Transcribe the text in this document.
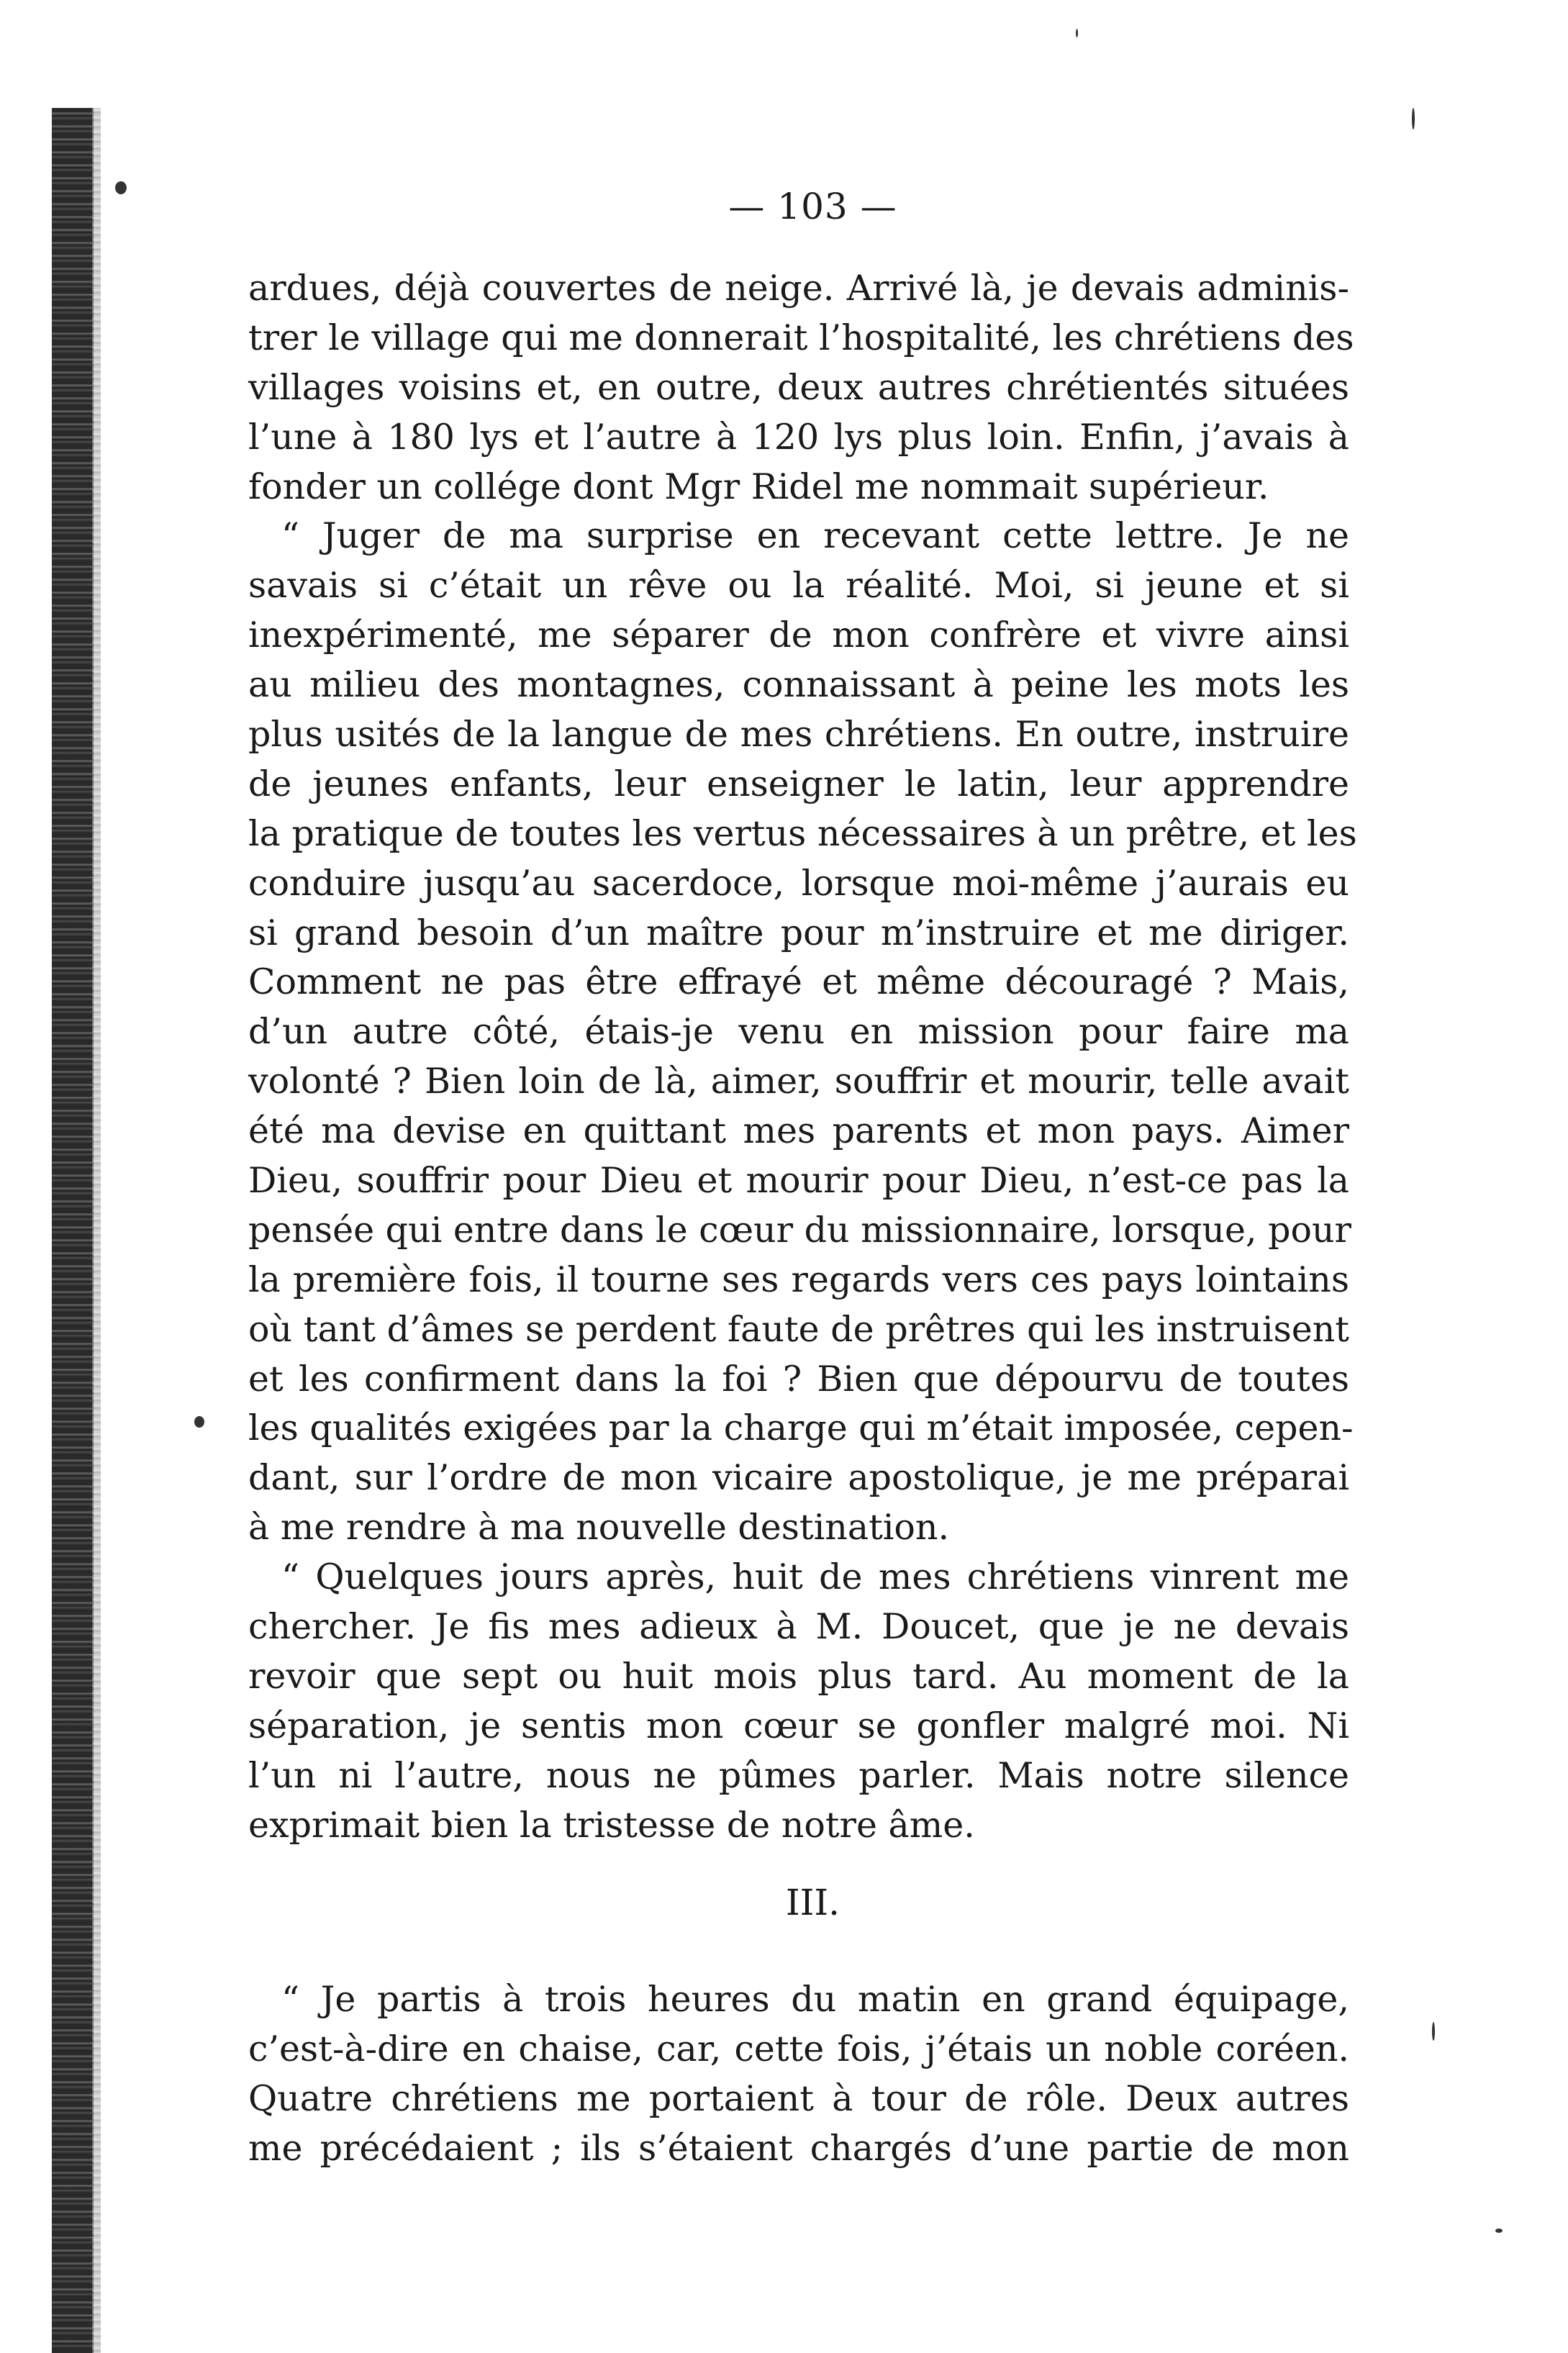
— 103 —
ardues, déjà couvertes de neige. Arrivé là, je devais adminis-
trer le village qui me donnerait l’hospitalité, les chrétiens des
villages voisins et, en outre, deux autres chrétientés situées
l’une à 180 lys et l’autre à 120 lys plus loin. Enfin, j’avais à
fonder un collége dont Mgr Ridel me nommait supérieur.
“ Juger de ma surprise en recevant cette lettre. Je ne
savais si c’était un rêve ou la réalité. Moi, si jeune et si
inexpérimenté, me séparer de mon confrère et vivre ainsi
au milieu des montagnes, connaissant à peine les mots les
plus usités de la langue de mes chrétiens. En outre, instruire
de jeunes enfants, leur enseigner le latin, leur apprendre
la pratique de toutes les vertus nécessaires à un prêtre, et les
conduire jusqu’au sacerdoce, lorsque moi-même j’aurais eu
si grand besoin d’un maître pour m’instruire et me diriger.
Comment ne pas être effrayé et même découragé ? Mais,
d’un autre côté, étais-je venu en mission pour faire ma
volonté ? Bien loin de là, aimer, souffrir et mourir, telle avait
été ma devise en quittant mes parents et mon pays. Aimer
Dieu, souffrir pour Dieu et mourir pour Dieu, n’est-ce pas la
pensée qui entre dans le cœur du missionnaire, lorsque, pour
la première fois, il tourne ses regards vers ces pays lointains
où tant d’âmes se perdent faute de prêtres qui les instruisent
et les confirment dans la foi ? Bien que dépourvu de toutes
les qualités exigées par la charge qui m’était imposée, cepen-
dant, sur l’ordre de mon vicaire apostolique, je me préparai
à me rendre à ma nouvelle destination.
“ Quelques jours après, huit de mes chrétiens vinrent me
chercher. Je fis mes adieux à M. Doucet, que je ne devais
revoir que sept ou huit mois plus tard. Au moment de la
séparation, je sentis mon cœur se gonfler malgré moi. Ni
l’un ni l’autre, nous ne pûmes parler. Mais notre silence
exprimait bien la tristesse de notre âme.
III.
“ Je partis à trois heures du matin en grand équipage,
c’est-à-dire en chaise, car, cette fois, j’étais un noble coréen.
Quatre chrétiens me portaient à tour de rôle. Deux autres
me précédaient ; ils s’étaient chargés d’une partie de mon
